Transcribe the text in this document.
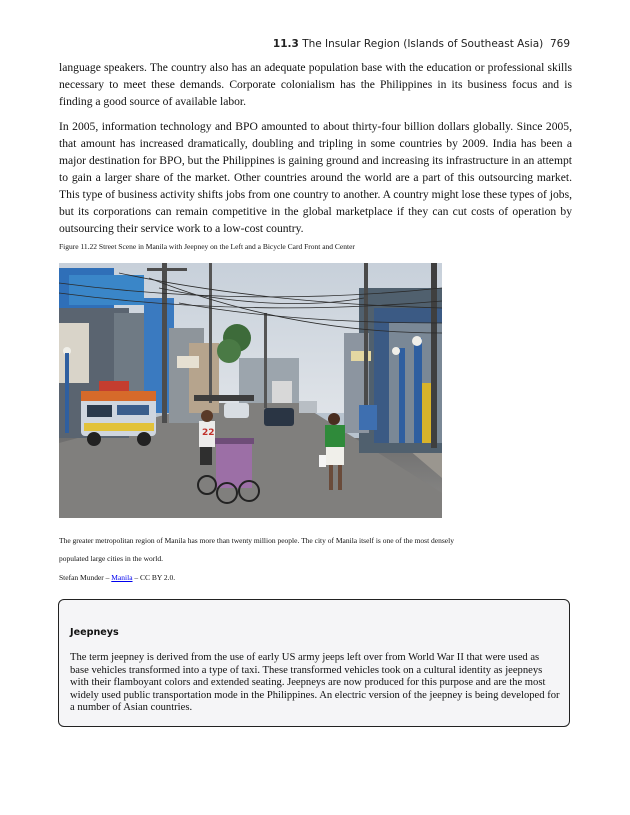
11.3 The Insular Region (Islands of Southeast Asia) 769

language speakers. The country also has an adequate population base with the education or professional skills necessary to meet these demands. Corporate colonialism has the Philippines in its business focus and is finding a good source of available labor.

In 2005, information technology and BPO amounted to about thirty-four billion dollars globally. Since 2005, that amount has increased dramatically, doubling and tripling in some countries by 2009. India has been a major destination for BPO, but the Philippines is gaining ground and increasing its infrastructure in an attempt to gain a larger share of the market. Other countries around the world are a part of this outsourcing market. This type of business activity shifts jobs from one country to another. A country might lose these types of jobs, but its corporations can remain competitive in the global marketplace if they can cut costs of operation by outsourcing their service work to a low-cost country.

Figure 11.22 Street Scene in Manila with Jeepney on the Left and a Bicycle Card Front and Center

22

The greater metropolitan region of Manila has more than twenty million people. The city of Manila itself is one of the most densely populated large cities in the world.

Stefan Munder – Manila – CC BY 2.0.

Jeepneys

The term jeepney is derived from the use of early US army jeeps left over from World War II that were used as base vehicles transformed into a type of taxi. These transformed vehicles took on a cultural identity as jeepneys with their flamboyant colors and extended seating. Jeepneys are now produced for this purpose and are the most widely used public transportation mode in the Philippines. An electric version of the jeepney is being developed for a number of Asian countries.
